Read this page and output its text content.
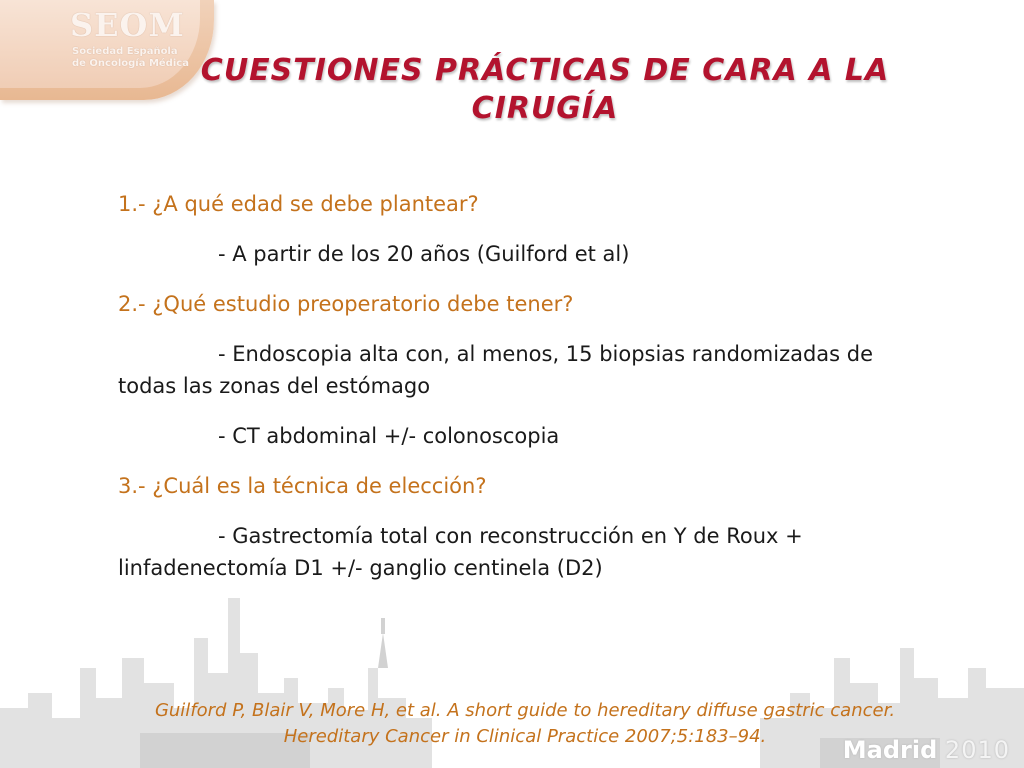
SEOM

Sociedad Española
de Oncología Médica CUESTIONES PRÁCTICAS DE CARA A LA
CIRUGÍA

1.- ¿A qué edad se debe plantear?

- A partir de los 20 años (Guilford et al)

2.- ¿Qué estudio preoperatorio debe tener?

- Endoscopia alta con, al menos, 15 biopsias randomizadas de todas las zonas del estómago

- CT abdominal +/- colonoscopia

3.- ¿Cuál es la técnica de elección?

- Gastrectomía total con reconstrucción en Y de Roux + linfadenectomía D1 +/- ganglio centinela (D2)

Guilford P, Blair V, More H, et al. A short guide to hereditary diffuse gastric cancer.
Hereditary Cancer in Clinical Practice 2007;5:183–94.	Madrid 2010
